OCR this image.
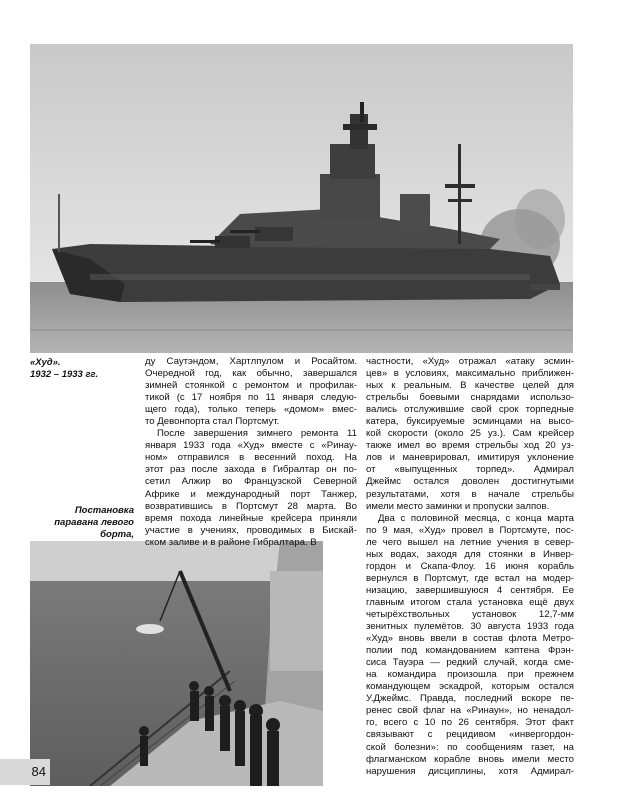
«Худ».
1932 – 1933 гг.
Постановка паравана левого борта,
ду Саутэндом, Хартлпулом и Росайтом.
Очередной год, как обычно, завершался
зимней стоянкой с ремонтом и профилак-
тикой (с 17 ноября по 11 января следую-
щего года), только теперь «домом» вмес-
то Девонпорта стал Портсмут.
После завершения зимнего ремонта 11
января 1933 года «Худ» вместе с «Ринау-
ном» отправился в весенний поход. На
этот раз после захода в Гибралтар он по-
сетил Алжир во Французской Северной
Африке и международный порт Танжер,
возвратившись в Портсмут 28 марта. Во
время похода линейные крейсера приняли
участие в учениях, проводимых в Бискай-
ском заливе и в районе Гибралтара. В
частности, «Худ» отражал «атаку эсмин-
цев» в условиях, максимально приближен-
ных к реальным. В качестве целей для
стрельбы боевыми снарядами использо-
вались отслужившие свой срок торпедные
катера, буксируемые эсминцами на высо-
кой скорости (около 25 уз.). Сам крейсер
также имел во время стрельбы ход 20 уз-
лов и маневрировал, имитируя уклонение
от «выпущенных торпед». Адмирал
Джеймс остался доволен достигнутыми
результатами, хотя в начале стрельбы
имели место заминки и пропуски залпов.
Два с половиной месяца, с конца марта
по 9 мая, «Худ» провел в Портсмуте, пос-
ле чего вышел на летние учения в север-
ных водах, заходя для стоянки в Инвер-
гордон и Скапа-Флоу. 16 июня корабль
вернулся в Портсмут, где встал на модер-
низацию, завершившуюся 4 сентября. Ее
главным итогом стала установка ещё двух
четырёхствольных установок 12,7-мм
зенитных пулемётов. 30 августа 1933 года
«Худ» вновь ввели в состав флота Метро-
полии под командованием кэптена Фрэн-
сиса Тауэра — редкий случай, когда сме-
на командира произошла при прежнем
командующем эскадрой, которым остался
У.Джеймс. Правда, последний вскоре пе-
ренес свой флаг на «Ринаун», но ненадол-
го, всего с 10 по 26 сентября. Этот факт
связывают с рецидивом «инвергордон-
ской болезни»: по сообщениям газет, на
флагманском корабле вновь имели место
нарушения дисциплины, хотя Адмирал-
84
